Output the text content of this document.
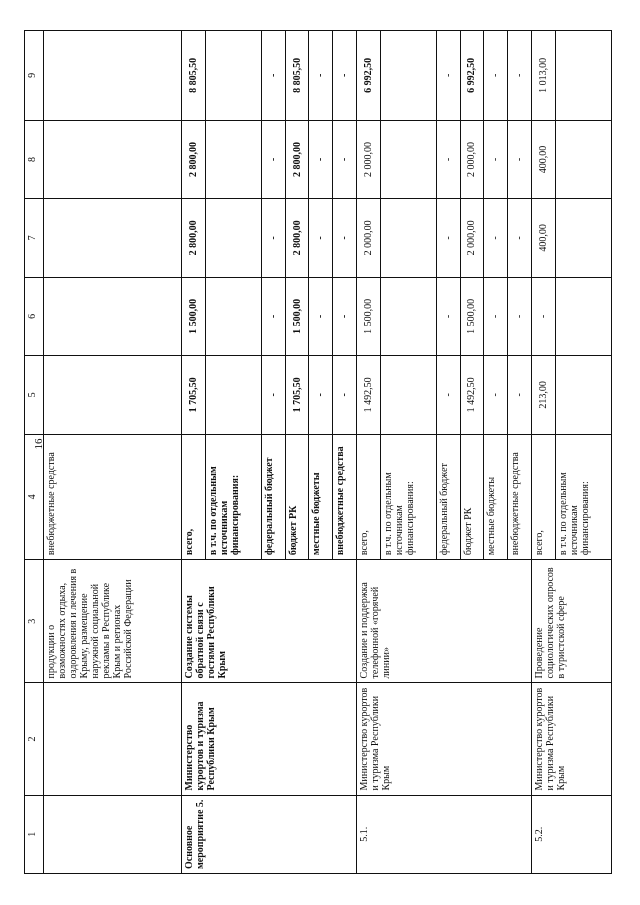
16
1	2	3	4	5	6	7	8	9
		продукции о возможностях отдыха, оздоровления и лечения в Крыму, размещение наружной социальной рекламы в Республике Крым и регионах Российской Федерации	внебюджетные средства					
Основное мероприятие 5.	Министерство курортов и туризма Республики Крым	Создание системы обратной связи с гостями Республики Крым	всего,	1 705,50	1 500,00	2 800,00	2 800,00	8 805,50
			в т.ч. по отдельным источникам финансирования:					
			федеральный бюджет	-	-	-	-	-
			бюджет РК	1 705,50	1 500,00	2 800,00	2 800,00	8 805,50
			местные бюджеты	-	-	-	-	-
			внебюджетные средства	-	-	-	-	-
5.1.	Министерство курортов и туризма Республики Крым	Создание и поддержка телефонной «горячей линии»	всего,	1 492,50	1 500,00	2 000,00	2 000,00	6 992,50
			в т.ч. по отдельным источникам финансирования:					
			федеральный бюджет	-	-	-	-	-
			бюджет РК	1 492,50	1 500,00	2 000,00	2 000,00	6 992,50
			местные бюджеты	-	-	-	-	-
			внебюджетные средства	-	-	-	-	-
5.2.	Министерство курортов и туризма Республики Крым	Проведение социологических опросов в туристской сфере	всего,	213,00	-	400,00	400,00	1 013,00
			в т.ч. по отдельным источникам финансирования:					
